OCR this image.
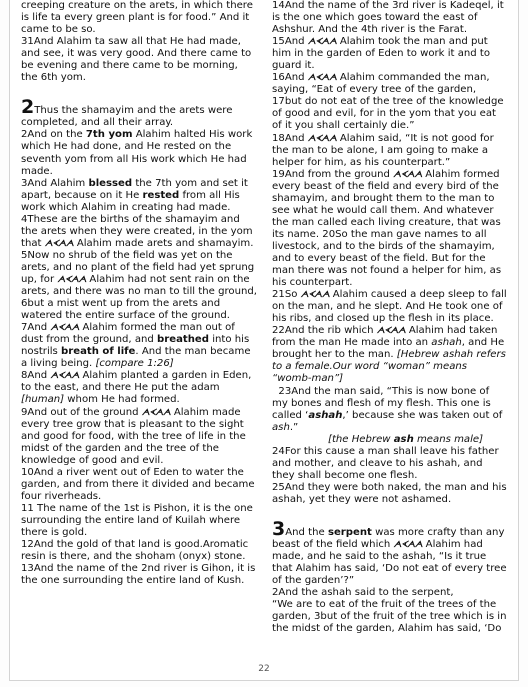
creeping creature on the arets, in which there is life ta every green plant is for food.” And it came to be so.

31And Alahim ta saw all that He had made, and see, it was very good. And there came to be evening and there came to be morning, the 6th yom.

2Thus the shamayim and the arets were completed, and all their array.

2And on the 7th yom Alahim halted His work which He had done, and He rested on the seventh yom from all His work which He had made.

3And Alahim blessed the 7th yom and set it apart, because on it He rested from all His work which Alahim in creating had made.

4These are the births of the shamayim and the arets when they were created, in the yom that ᗅᗉᗅᗅ Alahim made arets and shamayim.

5Now no shrub of the field was yet on the arets, and no plant of the field had yet sprung up, for ᗅᗉᗅᗅ Alahim had not sent rain on the arets, and there was no man to till the ground, 6but a mist went up from the arets and watered the entire surface of the ground.

7And ᗅᗉᗅᗅ Alahim formed the man out of dust from the ground, and breathed into his nostrils breath of life. And the man became a living being. [compare 1:26]

8And ᗅᗉᗅᗅ Alahim planted a garden in Eden, to the east, and there He put the adam [human] whom He had formed.

9And out of the ground ᗅᗉᗅᗅ Alahim made every tree grow that is pleasant to the sight and good for food, with the tree of life in the midst of the garden and the tree of the knowledge of good and evil.

10And a river went out of Eden to water the garden, and from there it divided and became four riverheads.

11 The name of the 1st is Pishon, it is the one surrounding the entire land of Kuilah where there is gold.

12And the gold of that land is good.Aromatic resin is there, and the shoham (onyx) stone.

13And the name of the 2nd river is Gihon, it is the one surrounding the entire land of Kush.

14And the name of the 3rd river is Kadeqel, it is the one which goes toward the east of Ashshur. And the 4th river is the Farat.

15And ᗅᗉᗅᗅ Alahim took the man and put him in the garden of Eden to work it and to guard it.

16And ᗅᗉᗅᗅ Alahim commanded the man, saying, “Eat of every tree of the garden, 17but do not eat of the tree of the knowledge of good and evil, for in the yom that you eat of it you shall certainly die.”

18And ᗅᗉᗅᗅ Alahim said, “It is not good for the man to be alone, I am going to make a helper for him, as his counterpart.”

19And from the ground ᗅᗉᗅᗅ Alahim formed every beast of the field and every bird of the shamayim, and brought them to the man to see what he would call them. And whatever the man called each living creature, that was its name. 20So the man gave names to all livestock, and to the birds of the shamayim, and to every beast of the field. But for the man there was not found a helper for him, as his counterpart.

21So ᗅᗉᗅᗅ Alahim caused a deep sleep to fall on the man, and he slept. And He took one of his ribs, and closed up the flesh in its place.

22And the rib which ᗅᗉᗅᗅ Alahim had taken from the man He made into an ashah, and He brought her to the man. [Hebrew ashah refers to a female.Our word “woman” means “womb-man”]

23And the man said, “This is now bone of my bones and flesh of my flesh. This one is called ‘ashah,’ because she was taken out of ash.”

[the Hebrew ash means male]

24For this cause a man shall leave his father and mother, and cleave to his ashah, and they shall become one flesh.

25And they were both naked, the man and his ashah, yet they were not ashamed.

3And the serpent was more crafty than any beast of the field which ᗅᗉᗅᗅ Alahim had made, and he said to the ashah, “Is it true that Alahim has said, ‘Do not eat of every tree of the garden’?”

2And the ashah said to the serpent,

“We are to eat of the fruit of the trees of the garden, 3but of the fruit of the tree which is in the midst of the garden, Alahim has said, ‘Do

22
